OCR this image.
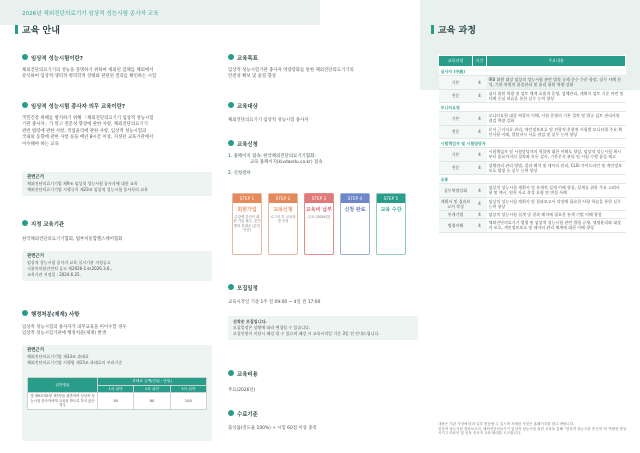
2026년 체외진단의료기기 임상적 성능시험 종사자 교육
교육 안내	교육 과정
임상적 성능시험이란?
체외진단의료기기의 성능을 증명하기 위하여 제외된 검체를 체외에서
분석하여 임상적·생리적·병리학적 상태와 관련된 결과를 확인하는 시험
임상적 성능시험 종사자 의무 교육이란?
국민건강 위해를 방지하기 위해 「체외진단의료기기 임상적 성능시험
기관 종사자」가 알고 전문성 향상에 관한 사항, 체외진단의료기기
관련 법령에 관한 사항, 직업윤리에 관한 사항, 임상적 성능시험의
국내외 동향에 관한 사항 등을 매년 8시간 이상, 지정된 교육기관에서
이수해야 하는 교육
관련근거
체외진단의료기기법 제9조 임상적 성능시험 종사자에 대한 교육
체외진단의료기기법 시행규칙 제23조 임상적 성능시험 종사자의 교육
지정 교육기관
한국체외진단의료기기협회, 범부처통합헬스케어협회
관련근거
임상적 성능시험 종사자 교육 실시기관 지정공고
식품의약품안전처 공고 제2026-1조(2026.3.6.,
교육기관 지정일 : 2024.6.25.
행정처분(제재) 사항
임상적 성능시험의 종사자가 의무교육을 미이수할 경우
임상적 성능시험기관에 행정처분(제재) 발생
관련근거
체외진단의료기기법 제33조 과태료
체외진단의료기기법 시행령 제15조 과태료의 부과기준
위반행위	과태료 금액(단위 : 만원)		
	1차 위반	2차 위반	3차 위반
법 제9조제1항 제7항을 위반하여 임상적 성능시험 종사자에게 교육을 받도록 하지 않은 경우	50	80	100
교육목표
임상적 성능시험기관 종사자 역량강화를 통한 체외진단의료기기의
안전성 확보 및 품질 향상
교육대상
체외진단의료기기 임상적 성능시험 종사자
교육신청
1. 홈페이지 접속: 한국체외진단의료기기협회:
교육 홈페이지(kivdaedu.co.kr) 접속
2. 신청절차
STEP 1
회원가입
수강생 본인이 회원 가입 필수, 본인 명의 휴대폰 (본인인증)
STEP 2
교육신청
로그인 후 교육과정 신청
STEP 3
교육비 납부
무료 (2026년)
STEP 4
신청 완료
STEP 5
교육 수강
모집일정
교육시작일 기준 1주 전 09:00 ~ 4일 전 17:00
선착순 모집입니다.
모집일정은 상황에 따라 변경될 수 있습니다.
모집인원이 미달시 폐강 될 수 있으며 폐강 시 교육시작일 기준 3일 전 안내드립니다.
교육비용
무료(2026년)
수료기준
출석률(진도율 100%) + 시험 60점 이상 충족
교육과정	시간	주요내용
심사자 (中級)		
기본	4	IRB 위원 대상 임상적 성능시험 관련 법적 규제 준수 수준 향상, 실무 사례 분석, 기관 차원의 품질관리 및 윤리 위원 역량 강화
전문	4	심사 위원 역량 및 검토 체계 효율적 운영, 검체관리, 계획서 검토 기준 마련 및 사례 중심 학습을 통한 실무 능력 향상
모니터요원		
기본	4	모니터요원 대상 역할의 이해, 시험 운영의 기본 절차 및 법규 검토 관리사항 점검 역량 강화
전문	4	문서 근거자료 관리, 개인정보보호 및 전향적·후향적 시험별 모니터링 주요 확인사항 이해, 발달지시 서류 점검 및 실무 능력 향상
시험책임자 및 시험담당자		
기본	4	시험책임자 및 시험담당자의 역할에 대한 이해도 향상, 임상적 성능시험 계시부터 종료까지의 절차와 모든 검사, 기본문서 관리 및 시험 수행 품질 제고
전문	4	검체관리 관리 방법, 결과 해석 및 데이터 관리, CLSI 가이드라인 및 개인정보보호 법령 등 실무 능력 향상
공통		
실무역량강화	4	임상적 성능시험 계획서 및 통계적 설계 이해 향상, 설계를 위한 주요 고려사항 및 예시, 원천 자료 작성 요령 및 변경 사례
계획서 및 결과보고서 작성	4	임상적 성능시험 계획서 및 결과보고서 작성에 필요한 사항 학습을 통한 실무 능력 향상
통계기법	4	임상적 성능시험 설계 및 결과 해석에 필요한 통계 기법 이해 향상
법령이해	4	체외진단의료기기 법령 및 임상적 성능시험 관련 법령 규제, 생명윤리와 대상자 보호, 개인정보보호 및 데이터 관리 체계에 대한 이해 향상
내용은 기관 사정에 따라 일부 변동될 수 있으며 자세한 사항은 홈페이지를 참고 바랍니다.
임상적 성능시험 결과보고서, 체외진단의료기기 임상적 성능시험 관련 교육을 통해 “임상적 성능시험 종사자”의 역량을 향상시키고 의료인 및 임상 종사자 교육 확대를 도모합니다.
